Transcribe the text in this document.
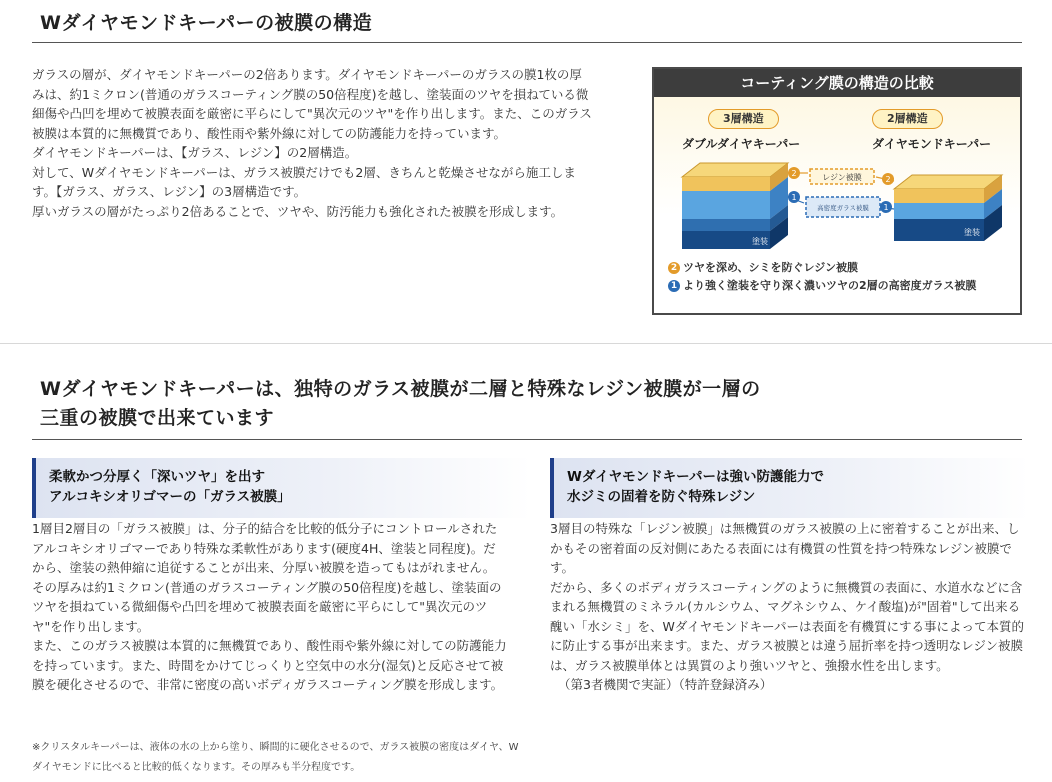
Wダイヤモンドキーパーの被膜の構造

ガラスの層が、ダイヤモンドキーパーの2倍あります。ダイヤモンドキーパーのガラスの膜1枚の厚みは、約1ミクロン(普通のガラスコーティング膜の50倍程度)を越し、塗装面のツヤを損ねている微細傷や凸凹を埋めて被膜表面を厳密に平らにして"異次元のツヤ"を作り出します。また、このガラス被膜は本質的に無機質であり、酸性雨や紫外線に対しての防護能力を持っています。

ダイヤモンドキーパーは、【ガラス、レジン】の2層構造。

対して、Wダイヤモンドキーパーは、ガラス被膜だけでも2層、きちんと乾燥させながら施工します。【ガラス、ガラス、レジン】の3層構造です。

厚いガラスの層がたっぷり2倍あることで、ツヤや、防汚能力も強化された被膜を形成します。

コーティング膜の構造の比較
3層構造	2層構造
ダブルダイヤキーパー	ダイヤモンドキーパー
塗装
塗装
レジン被膜
高密度ガラス被膜
2
2
1
1
2 ツヤを深め、シミを防ぐレジン被膜
1 より強く塗装を守り深く濃いツヤの2層の高密度ガラス被膜
Wダイヤモンドキーパーは、独特のガラス被膜が二層と特殊なレジン被膜が一層の
三重の被膜で出来ています
柔軟かつ分厚く「深いツヤ」を出す
アルコキシオリゴマーの「ガラス被膜」
Wダイヤモンドキーパーは強い防護能力で
水ジミの固着を防ぐ特殊レジン

1層目2層目の「ガラス被膜」は、分子的結合を比較的低分子にコントロールされたアルコキシオリゴマーであり特殊な柔軟性があります(硬度4H、塗装と同程度)。だから、塗装の熱伸縮に追従することが出来、分厚い被膜を造ってもはがれません。その厚みは約1ミクロン(普通のガラスコーティング膜の50倍程度)を越し、塗装面のツヤを損ねている微細傷や凸凹を埋めて被膜表面を厳密に平らにして"異次元のツヤ"を作り出します。

また、このガラス被膜は本質的に無機質であり、酸性雨や紫外線に対しての防護能力を持っています。また、時間をかけてじっくりと空気中の水分(湿気)と反応させて被膜を硬化させるので、非常に密度の高いボディガラスコーティング膜を形成します。

※クリスタルキーパーは、液体の水の上から塗り、瞬間的に硬化させるので、ガラス被膜の密度はダイヤ、Wダイヤモンドに比べると比較的低くなります。その厚みも半分程度です。

3層目の特殊な「レジン被膜」は無機質のガラス被膜の上に密着することが出来、しかもその密着面の反対側にあたる表面には有機質の性質を持つ特殊なレジン被膜です。

だから、多くのボディガラスコーティングのように無機質の表面に、水道水などに含まれる無機質のミネラル(カルシウム、マグネシウム、ケイ酸塩)が"固着"して出来る醜い「水シミ」を、Wダイヤモンドキーパーは表面を有機質にする事によって本質的に防止する事が出来ます。また、ガラス被膜とは違う屈折率を持つ透明なレジン被膜は、ガラス被膜単体とは異質のより強いツヤと、強撥水性を出します。

（第3者機関で実証）（特許登録済み）
